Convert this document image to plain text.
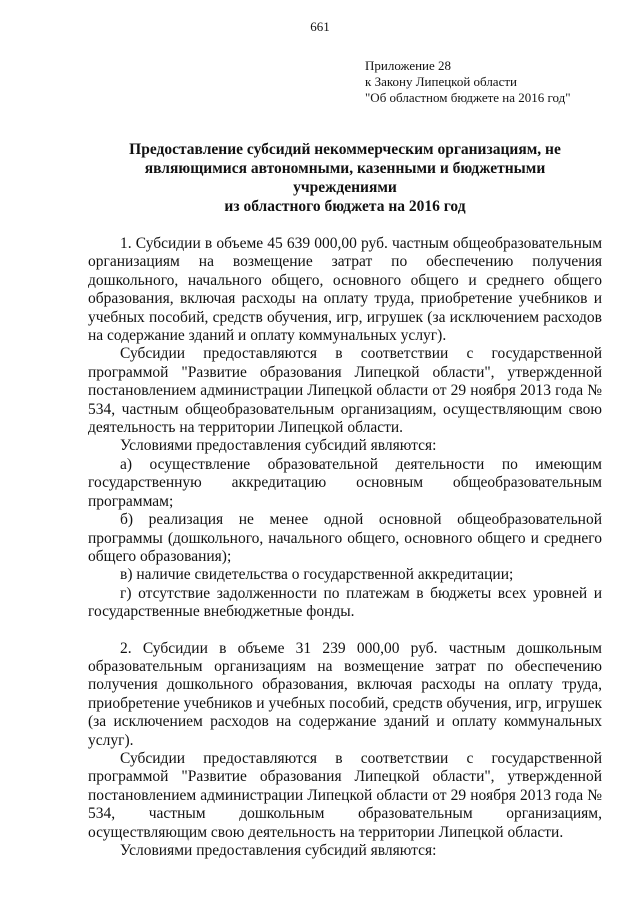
661
Приложение 28
к Закону Липецкой области
"Об областном бюджете на 2016 год"
Предоставление субсидий некоммерческим организациям, не
являющимися автономными, казенными и бюджетными учреждениями
из областного бюджета на 2016 год

1. Субсидии в объеме 45 639 000,00 руб. частным общеобразовательным организациям на возмещение затрат по обеспечению получения дошкольного, начального общего, основного общего и среднего общего образования, включая расходы на оплату труда, приобретение учебников и учебных пособий, средств обучения, игр, игрушек (за исключением расходов на содержание зданий и оплату коммунальных услуг).

Субсидии предоставляются в соответствии с государственной программой "Развитие образования Липецкой области", утвержденной постановлением администрации Липецкой области от 29 ноября 2013 года № 534, частным общеобразовательным организациям, осуществляющим свою деятельность на территории Липецкой области.

Условиями предоставления субсидий являются:

а) осуществление образовательной деятельности по имеющим государственную аккредитацию основным общеобразовательным программам;

б) реализация не менее одной основной общеобразовательной программы (дошкольного, начального общего, основного общего и среднего общего образования);

в) наличие свидетельства о государственной аккредитации;

г) отсутствие задолженности по платежам в бюджеты всех уровней и государственные внебюджетные фонды.

2. Субсидии в объеме 31 239 000,00 руб. частным дошкольным образовательным организациям на возмещение затрат по обеспечению получения дошкольного образования, включая расходы на оплату труда, приобретение учебников и учебных пособий, средств обучения, игр, игрушек (за исключением расходов на содержание зданий и оплату коммунальных услуг).

Субсидии предоставляются в соответствии с государственной программой "Развитие образования Липецкой области", утвержденной постановлением администрации Липецкой области от 29 ноября 2013 года № 534, частным дошкольным образовательным организациям, осуществляющим свою деятельность на территории Липецкой области.

Условиями предоставления субсидий являются:
